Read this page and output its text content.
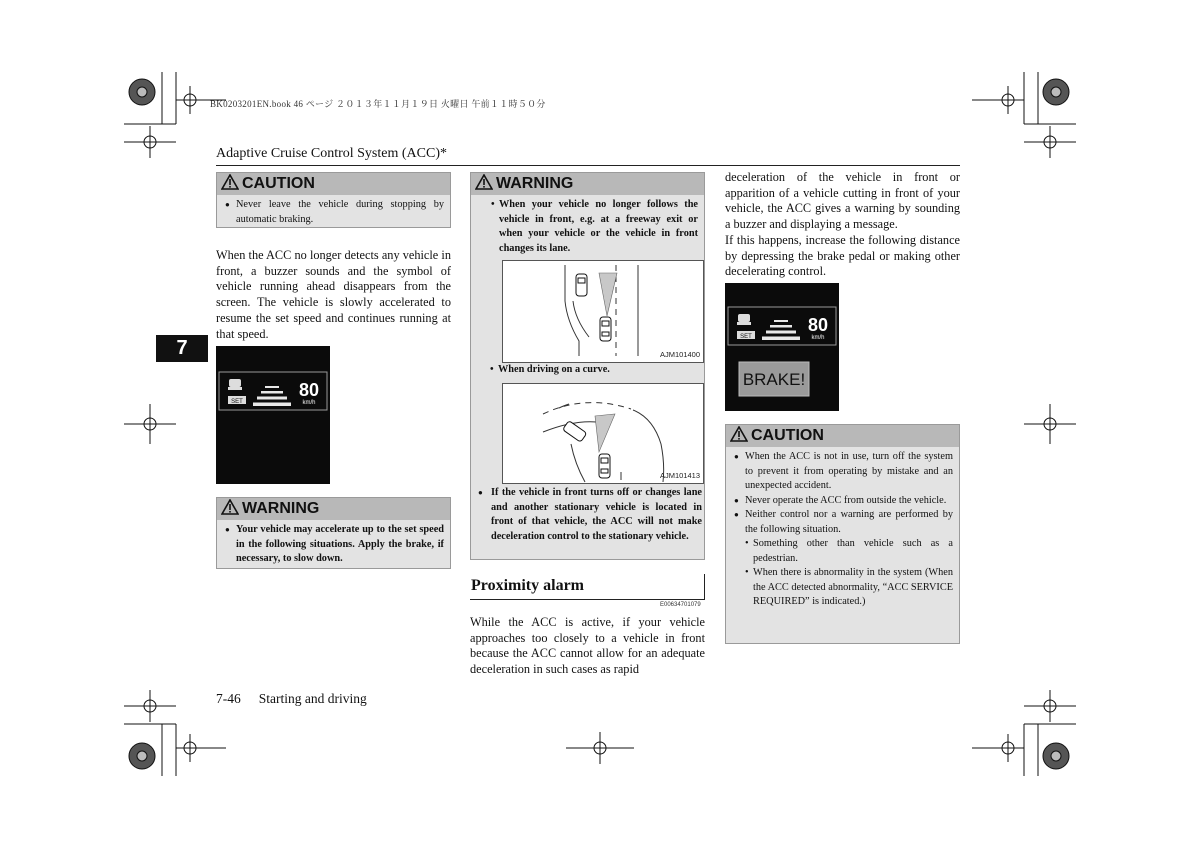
BK0203201EN.book 46 ページ ２０１３年１１月１９日 火曜日 午前１１時５０分
Adaptive Cruise Control System (ACC)*
7
CAUTION
● Never leave the vehicle during stopping by automatic braking.
When the ACC no longer detects any vehicle in front, a buzzer sounds and the symbol of vehicle running ahead disappears from the screen. The vehicle is slowly accelerated to resume the set speed and continues running at that speed.
SET
80
km/h
WARNING
● Your vehicle may accelerate up to the set speed in the following situations. Apply the brake, if necessary, to slow down.
WARNING
• When your vehicle no longer follows the vehicle in front, e.g. at a freeway exit or when your vehicle or the vehicle in front changes its lane.
AJM101400
• When driving on a curve.
AJM101413
● If the vehicle in front turns off or changes lane and another stationary vehicle is located in front of that vehicle, the ACC will not make deceleration control to the stationary vehicle.
Proximity alarm
E00634701079
While the ACC is active, if your vehicle approaches too closely to a vehicle in front because the ACC cannot allow for an adequate deceleration in such cases as rapid
deceleration of the vehicle in front or apparition of a vehicle cutting in front of your vehicle, the ACC gives a warning by sounding a buzzer and displaying a message.
If this happens, increase the following distance by depressing the brake pedal or making other decelerating control.
SET
80
km/h
BRAKE!
CAUTION
● When the ACC is not in use, turn off the system to prevent it from operating by mistake and an unexpected accident.
● Never operate the ACC from outside the vehicle.
● Neither control nor a warning are performed by the following situation.
• Something other than vehicle such as a pedestrian.
• When there is abnormality in the system (When the ACC detected abnormality, “ACC SERVICE REQUIRED” is indicated.)
7-46 Starting and driving
